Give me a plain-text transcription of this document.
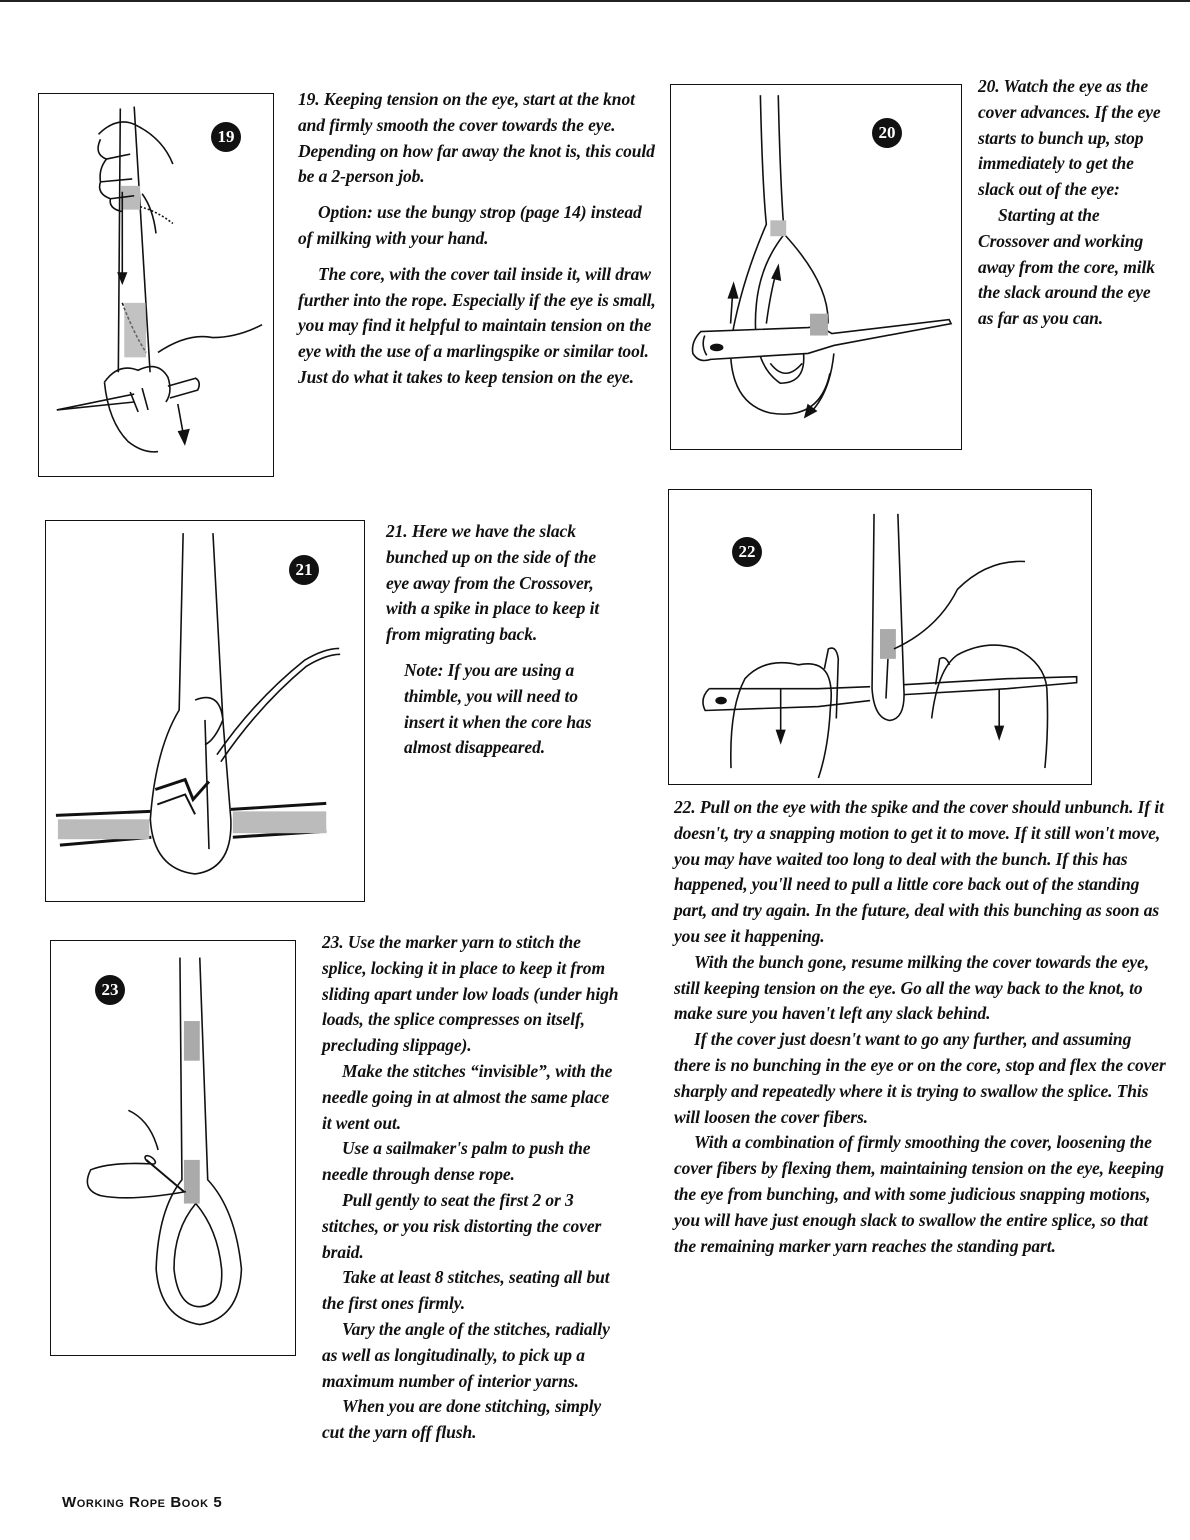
19

19. Keeping tension on the eye, start at the knot and firmly smooth the cover towards the eye. Depending on how far away the knot is, this could be a 2-person job.

Option: use the bungy strop (page 14) instead of milking with your hand.

The core, with the cover tail inside it, will draw further into the rope. Especially if the eye is small, you may find it helpful to maintain tension on the eye with the use of a marlingspike or similar tool. Just do what it takes to keep tension on the eye.

20

20. Watch the eye as the cover advances. If the eye starts to bunch up, stop immediately to get the slack out of the eye:

Starting at the Crossover and working away from the core, milk the slack around the eye as far as you can.

21

21. Here we have the slack bunched up on the side of the eye away from the Crossover, with a spike in place to keep it from migrating back.

Note: If you are using a thimble, you will need to insert it when the core has almost disappeared.

22

22. Pull on the eye with the spike and the cover should unbunch. If it doesn't, try a snapping motion to get it to move. If it still won't move, you may have waited too long to deal with the bunch. If this has happened, you'll need to pull a little core back out of the standing part, and try again. In the future, deal with this bunching as soon as you see it happening.

With the bunch gone, resume milking the cover towards the eye, still keeping tension on the eye. Go all the way back to the knot, to make sure you haven't left any slack behind.

If the cover just doesn't want to go any further, and assuming there is no bunching in the eye or on the core, stop and flex the cover sharply and repeatedly where it is trying to swallow the splice. This will loosen the cover fibers.

With a combination of firmly smoothing the cover, loosening the cover fibers by flexing them, maintaining tension on the eye, keeping the eye from bunching, and with some judicious snapping motions, you will have just enough slack to swallow the entire splice, so that the remaining marker yarn reaches the standing part.

23

23. Use the marker yarn to stitch the splice, locking it in place to keep it from sliding apart under low loads (under high loads, the splice compresses on itself, precluding slippage).

Make the stitches “invisible”, with the needle going in at almost the same place it went out.

Use a sailmaker's palm to push the needle through dense rope.

Pull gently to seat the first 2 or 3 stitches, or you risk distorting the cover braid.

Take at least 8 stitches, seating all but the first ones firmly.

Vary the angle of the stitches, radially as well as longitudinally, to pick up a maximum number of interior yarns.

When you are done stitching, simply cut the yarn off flush.

Working Rope Book 5
